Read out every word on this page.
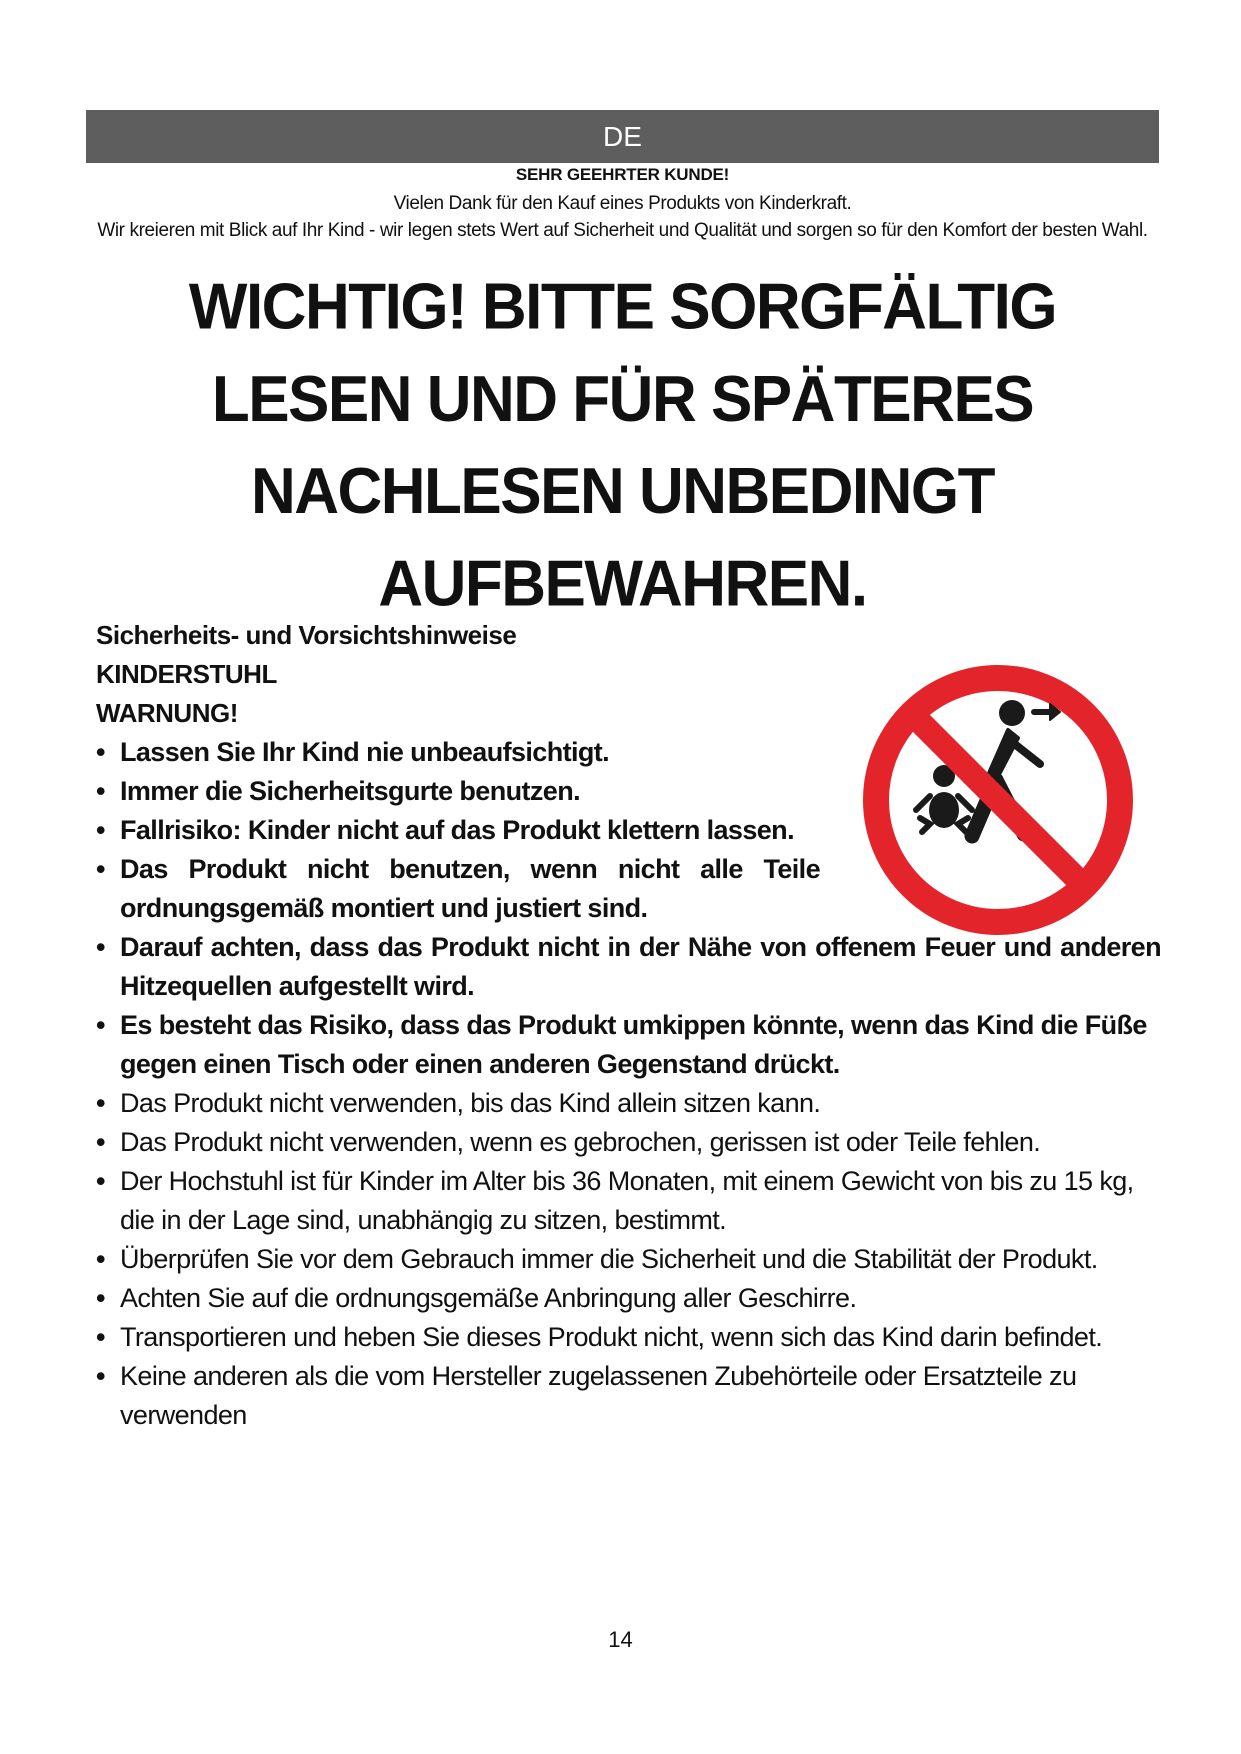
DE
SEHR GEEHRTER KUNDE!
Vielen Dank für den Kauf eines Produkts von Kinderkraft.
Wir kreieren mit Blick auf Ihr Kind - wir legen stets Wert auf Sicherheit und Qualität und sorgen so für den Komfort der besten Wahl.
WICHTIG! BITTE SORGFÄLTIG LESEN UND FÜR SPÄTERES NACHLESEN UNBEDINGT AUFBEWAHREN.
Sicherheits- und Vorsichtshinweise
KINDERSTUHL
WARNUNG!
• Lassen Sie Ihr Kind nie unbeaufsichtigt.
• Immer die Sicherheitsgurte benutzen.
• Fallrisiko: Kinder nicht auf das Produkt klettern lassen.
• Das Produkt nicht benutzen, wenn nicht alle Teile ordnungsgemäß montiert und justiert sind.
• Darauf achten, dass das Produkt nicht in der Nähe von offenem Feuer und anderen Hitzequellen aufgestellt wird.
• Es besteht das Risiko, dass das Produkt umkippen könnte, wenn das Kind die Füße gegen einen Tisch oder einen anderen Gegenstand drückt.
• Das Produkt nicht verwenden, bis das Kind allein sitzen kann.
• Das Produkt nicht verwenden, wenn es gebrochen, gerissen ist oder Teile fehlen.
• Der Hochstuhl ist für Kinder im Alter bis 36 Monaten, mit einem Gewicht von bis zu 15 kg, die in der Lage sind, unabhängig zu sitzen, bestimmt.
• Überprüfen Sie vor dem Gebrauch immer die Sicherheit und die Stabilität der Produkt.
• Achten Sie auf die ordnungsgemäße Anbringung aller Geschirre.
• Transportieren und heben Sie dieses Produkt nicht, wenn sich das Kind darin befindet.
• Keine anderen als die vom Hersteller zugelassenen Zubehörteile oder Ersatzteile zu verwenden
14
